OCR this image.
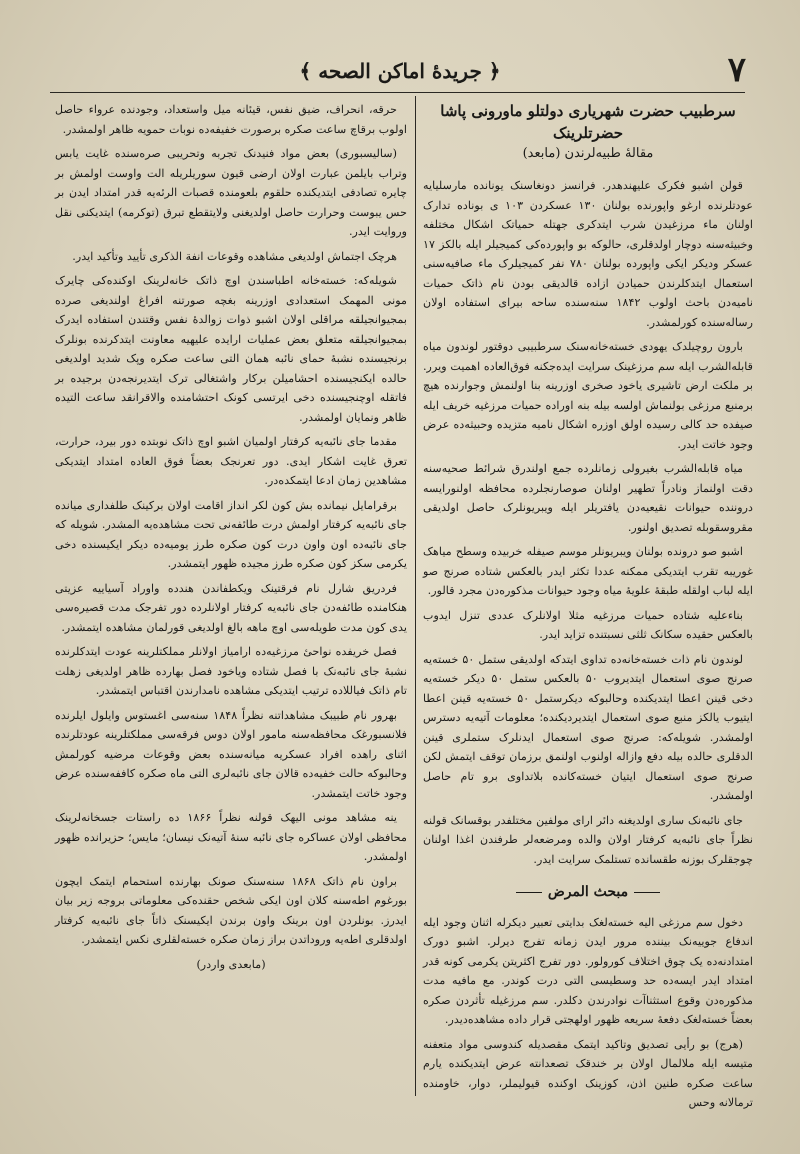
٧
﴿ جريدهٔ اماکن الصحه ﴾
سرطبیب حضرت شهریاری دولتلو ماورونی پاشا حضرتلرینک
مقالهٔ طبیه‌لرندن (مابعد)

قولن اشبو فکرک علیهندهدر. فرانسز دونغاسنک یونانده مارسلیایه عودتلرنده ارغو واپورنده بولنان ۱۳۰ عسکردن ۱۰۳ ی بوناده تدارک اولنان ماء مرزغیدن شرب ایتدکری جهتله حمیاتک اشکال مختلفه وخبیثه‌سنه دوچار اولدقلری، حالوکه بو واپورده‌کی کمیجیلر ایله بالکز ۱۷ عسکر ودیکر ایکی واپورده بولنان ۷۸۰ نفر کمیجیلرک ماء صافیه‌سنی استعمال ایتدکلرندن حمیادن ازاده قالدیقی بودن نام ذاتک حمیات نامیه‌دن باحث اولوب ۱۸۴۲ سنه‌سنده ساحه بیرای استفاده اولان رساله‌سنده کورلمشدر.

بارون روچیلدک یهودی خسته‌خانه‌سنک سرطبیبی دوقتور لوندون میاه قابله‌الشرب ایله سم مرزغینک سرایت ایده‌جکنه فوق‌العاده اهمیت ویرر. بر ملکت ارض تاشیری یاخود صخری اوزرینه بنا اولنمش وجوارنده هیچ برمنبع مرزغی بولنماش اولسه بیله بنه اوراده حمیات مرزغیه خریف ایله صیفده حد کالی رسیده اولق اوزره اشکال نامیه متزیده وحبیثه‌ده عرض وجود خاتت ایدر.

میاه قابله‌الشرب بغیرولی زمانلرده جمع اولندرق شرائط صحیه‌سنه دقت اولنماز ونادراً تطهیر اولنان صوصارنجلرده محافظه اولنورایسه دروننده حیوانات نقیعیه‌دن یافتریلر ایله ویبریونلرک حاصل اولدیقی مقروسقوبله تصدیق اولنور.

اشبو صو درونده بولنان ویبریونلر موسم صیفله خربیده وسطح میاهک غوریبه تقرب ایتدیکی ممکنه عددا تکثر ایدر بالعکس شتاده صرنج صو ایله لباب اولقله طبقهٔ علویهٔ میاه وجود حیوانات مذکوره‌دن مجرد قالور.

بناءعلیه شتاده حمیات مرزغیه مثلا اولانلرک عددی تنزل ایدوب بالعکس حقیده سکانک ثلثی نسبتنده تزاید ایدر.

لوندون نام ذات خسته‌خانه‌ده تداوی ایتدکه اولدیقی ستمل ۵۰ خسته‌یه صرنج صوی استعمال ایتدیروب ۵۰ بالعکس ستمل ۵۰ دیکر خسته‌یه دخی قینن اعطا ایتدیکنده وحالبوکه دیکرستمل ۵۰ خسته‌یه قینن اعطا ایتیوب یالکز منبع صوی استعمال ایتدیردیکنده؛ معلومات آتیه‌یه دسترس اولمشدر. شویله‌که: صرنج صوی استعمال ایدنلرک ستملری قینن الدقلری حالده بیله دفع وازاله اولنوب اولنمق برزمان توقف ایتمش لکن صرنج صوی استعمال ایتیان خسته‌کانده بلاتداوی برو تام حاصل اولمشدر.

جای نائبه‌نک ساری اولدیغنه دائر ارای مولفین مختلفدر بوقسانک قولنه نظراً جای نائبه‌یه کرفتار اولان والده ومرضعه‌لر طرفندن اغذا اولنان چوجقلرک بوزنه طقسانده تستلمک سرایت ایدر.

مبحث المرض

دخول سم مرزغی الیه خسته‌لغک بدایتی تعبیر دیکرله اثنان وجود ایله اندفاع جوییه‌نک بیننده مرور ایدن زمانه تفرج دیرلر. اشبو دورک امتدادنه‌ده یک چوق اختلاف کورولور. دور تفرج اکثریتن یکرمی کونه قدر امتداد ایدر ایسه‌ده حد وسطیسی التی درت کوندر. مع مافیه مدت مذکوره‌دن وقوع استثناآت نوادرندن دکلدر. سم مرزغیله تأثردن صکره بعضاً خسته‌لغک دفعهٔ سریعه ظهور اولهجتی قرار داده مشاهده‌دیدر.

(هرج) بو رأیی تصدیق وتاکید ایتمک مقصدیله کندوسی مواد متعفنه متیسه ایله ملالمال اولان بر خندقک تصعدانته عرض ایتدیکنده یارم ساعت صکره طنین اذن، کوزینک اوکنده قیولیملر، دوار، خاومنده ترمالانه وحس

حرقه، انحراف، ضیق نفس، قیئانه میل واستعداد، وجودنده عرواء حاصل اولوب برقاچ ساعت صکره برصورت خفیفه‌ده نوبات حمویه ظاهر اولمشدر.

(سالیسبوری) بعض مواد فنیدنک تجربه وتحریبی صره‌سنده غایت یابس وتراب بایلمن عبارت اولان ارضی قیون سوریلریله الت واوست اولمش بر چایره تصادفی ایتدیکنده حلقوم بلعومنده قصبات الرئه‌یه قدر امتداد ایدن بر حس یبوست وحرارت حاصل اولدیغنی ولایتقطع تبرق (توکرمه) ایتدیکنی نقل وروایت ایدر.

هرچک اجتماش اولدیغی مشاهده وقوعات انفة الذکری تأیید وتأکید ایدر.

شویله‌که: خسته‌خانه اطباسندن اوچ ذاتک خانه‌لرینک اوکنده‌کی چایرک مونی المهمک استعدادی اوزرینه بغچه صورتنه افراغ اولندیغی صرده بمجیوانجیلقه مراقلی اولان اشبو ذوات زوالدهٔ نفس وقتندن استفاده ایدرک بمجیوانجیلقه متعلق بعض عملیات ارایده علیهیه معاونت ایتدکرنده بونلرک برنجیسنده نشبهٔ حمای نائبه همان التی ساعت صکره وپک شدید اولدیغی حالده ایکنجیسنده احشامیلن برکار واشتغالی ترک ایتدیرنجه‌دن برجیده بر فاتقله اوچنجیسنده دخی ایرتسی کونک احتشامنده والاقرانقد ساعت التیده ظاهر ونمایان اولمشدر.

مقدما جای نائبه‌یه کرفتار اولمیان اشبو اوچ ذاتک نوبتده دور بیرد، حرارت، تعرق غایت اشکار ایدی. دور تعرنجک بعضاً فوق العاده امتداد ایتدیکی مشاهدین زمان ادعا ایتمکده‌در.

برقرامایل نیمانده بش کون لکر انداز اقامت اولان برکینک طلفداری میانده جای نائبه‌یه کرفتار اولمش درت طائفه‌نی تحت مشاهده‌یه المشدر. شویله که جای نائبه‌ده اون واون درت کون صکره طرز یومیه‌ده دیکر ایکیسنده دخی یکرمی سکز کون صکره طرز مجیده ظهور ایتمشدر.

فردریق شارل نام فرقتینک ویکطفاندن هندده واوراد آسیاییه عزیتی هنکامنده طائفه‌دن جای نائبه‌یه کرفتار اولانلرده دور تفرجک مدت قصیره‌سی یدی کون مدت طویله‌سی اوچ ماهه بالغ اولدیغی قورلمان مشاهده ایتمشدر.

فصل خریفده نواحیٔ مرزغیه‌ده ارامیاز اولانلر مملکتلرینه عودت ایتدکلرنده نشبهٔ جای نائبه‌نک با فصل شتاده ویاخود فصل بهارده ظاهر اولدیغی زهلت تام ذاتک فیاللاده ترتیب ایتدیکی مشاهده‌ نامدارندن اقتباس ایتمشدر.

بهرور نام طبیبک مشاهداتنه نظراً ۱۸۴۸ سنه‌سی اغستوس وایلول ایلرنده فلانسبورغک محافظه‌سنه مامور اولان دوس فرقه‌سی مملکتلرینه عودتلرنده اثنای راهده افراد عسکریه میانه‌سنده بعض وقوعات مرضیه کورلمش وحالبوکه حالت خفیه‌ده قالان جای نائبه‌لری التی ماه صکره کاففه‌سنده عرض وجود خاتت ایتمشدر.

ینه مشاهد مونی الیهک قولنه نظراً ۱۸۶۶ ده راستات جسخانه‌لرینک محافظی اولان عساکره جای نائبه سنهٔ آتیه‌نک نیسان؛ مایس؛ حزیرانده ظهور اولمشدر.

براون نام ذاتک ۱۸۶۸ سنه‌سنک صونک بهارنده استحمام ایتمک ایچون بورغوم اطه‌سنه کلان اون ایکی شخص حقنده‌کی معلوماتی بروجه زیر بیان ایدرز. بونلردن اون برینک واون برندن ایکیسنک ذاتاً جای نائبه‌یه کرفتار اولدقلری اطه‌یه وروداتدن براز زمان صکره خسته‌لقلری نکس ایتمشدر.

(مابعدی واردر)
